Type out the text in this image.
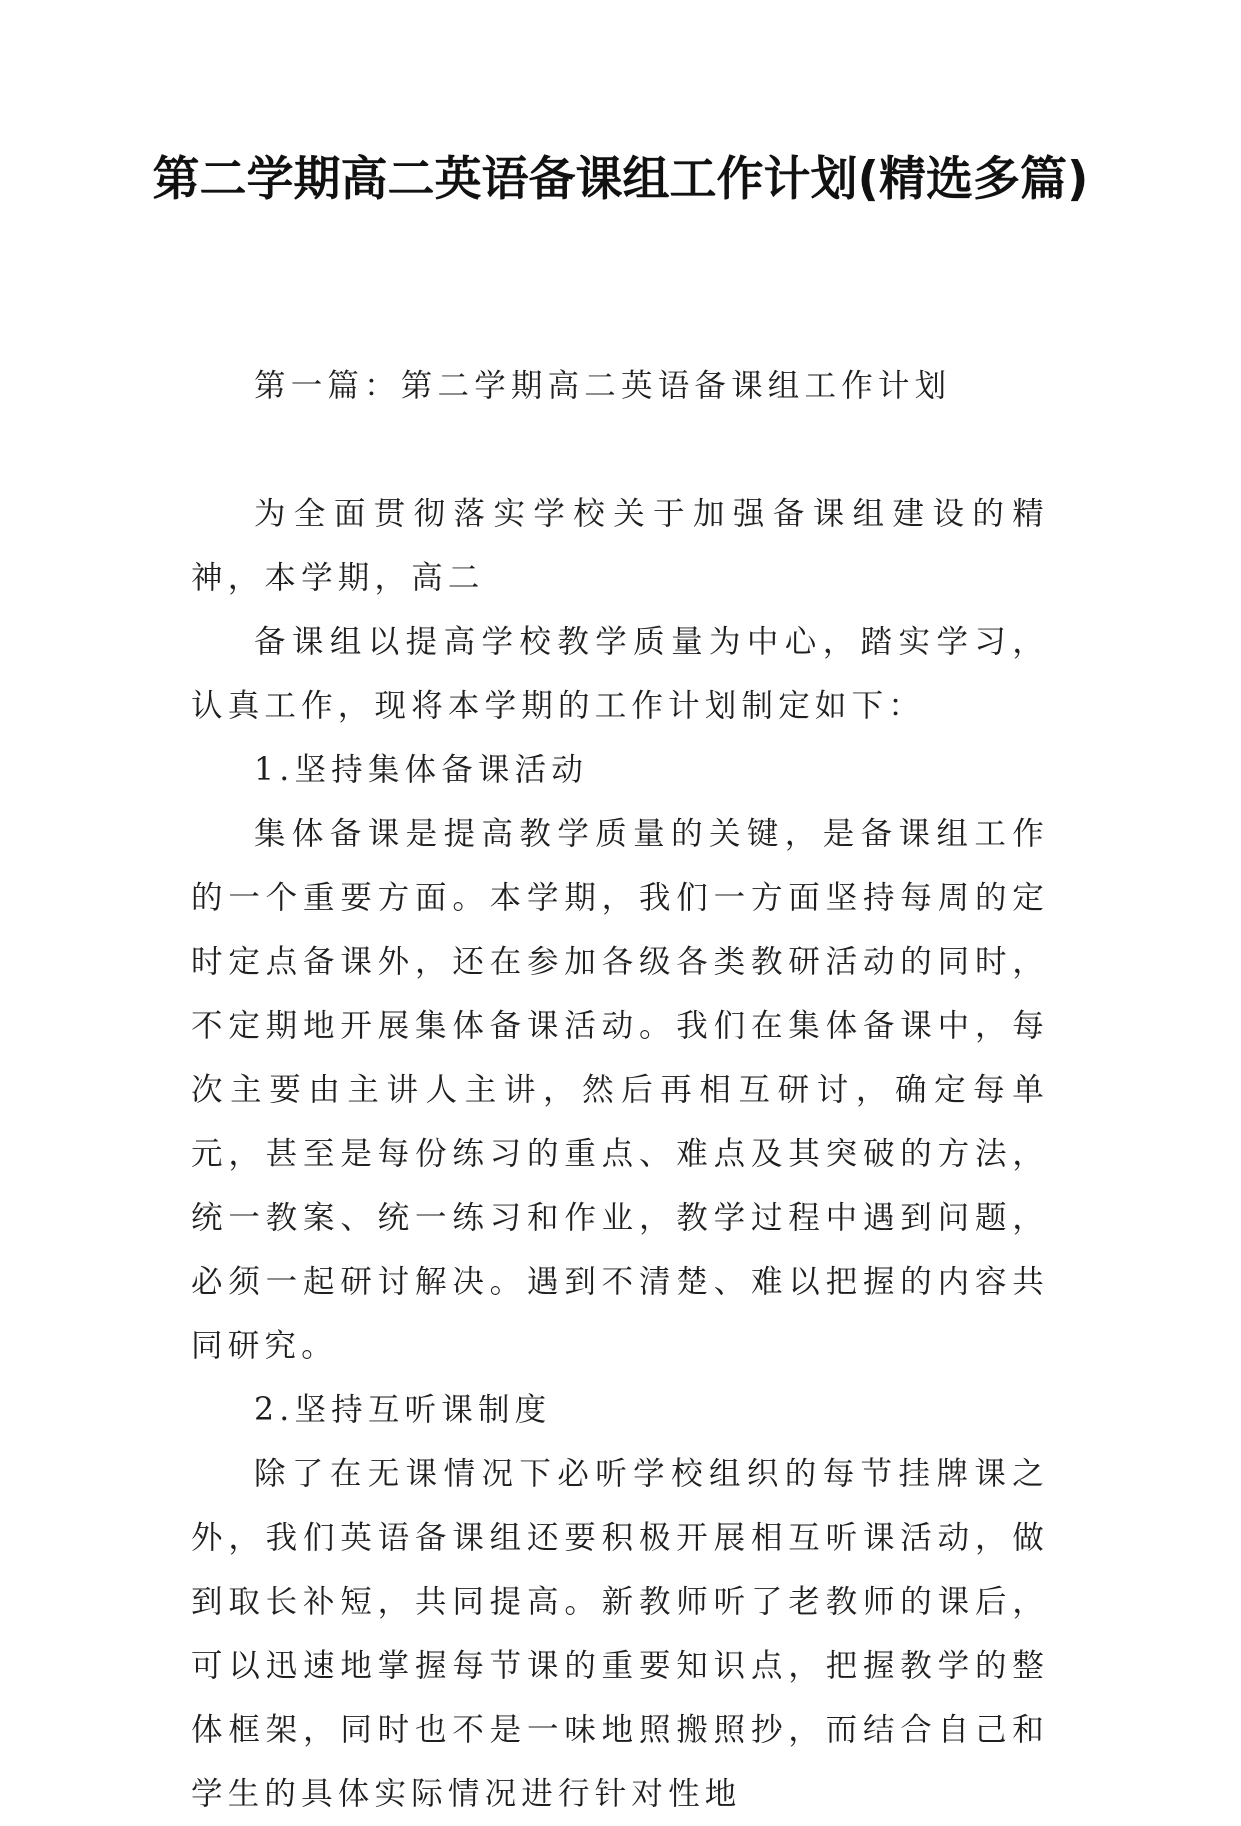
第二学期高二英语备课组工作计划(精选多篇)

第一篇：第二学期高二英语备课组工作计划

为全面贯彻落实学校关于加强备课组建设的精神，本学期，高二

备课组以提高学校教学质量为中心，踏实学习，认真工作，现将本学期的工作计划制定如下：

1.坚持集体备课活动

集体备课是提高教学质量的关键，是备课组工作的一个重要方面。本学期，我们一方面坚持每周的定时定点备课外，还在参加各级各类教研活动的同时，不定期地开展集体备课活动。我们在集体备课中，每次主要由主讲人主讲，然后再相互研讨，确定每单元，甚至是每份练习的重点、难点及其突破的方法，统一教案、统一练习和作业，教学过程中遇到问题，必须一起研讨解决。遇到不清楚、难以把握的内容共同研究。

2.坚持互听课制度

除了在无课情况下必听学校组织的每节挂牌课之外，我们英语备课组还要积极开展相互听课活动，做到取长补短，共同提高。新教师听了老教师的课后，可以迅速地掌握每节课的重要知识点，把握教学的整体框架，同时也不是一味地照搬照抄，而结合自己和学生的具体实际情况进行针对性地
